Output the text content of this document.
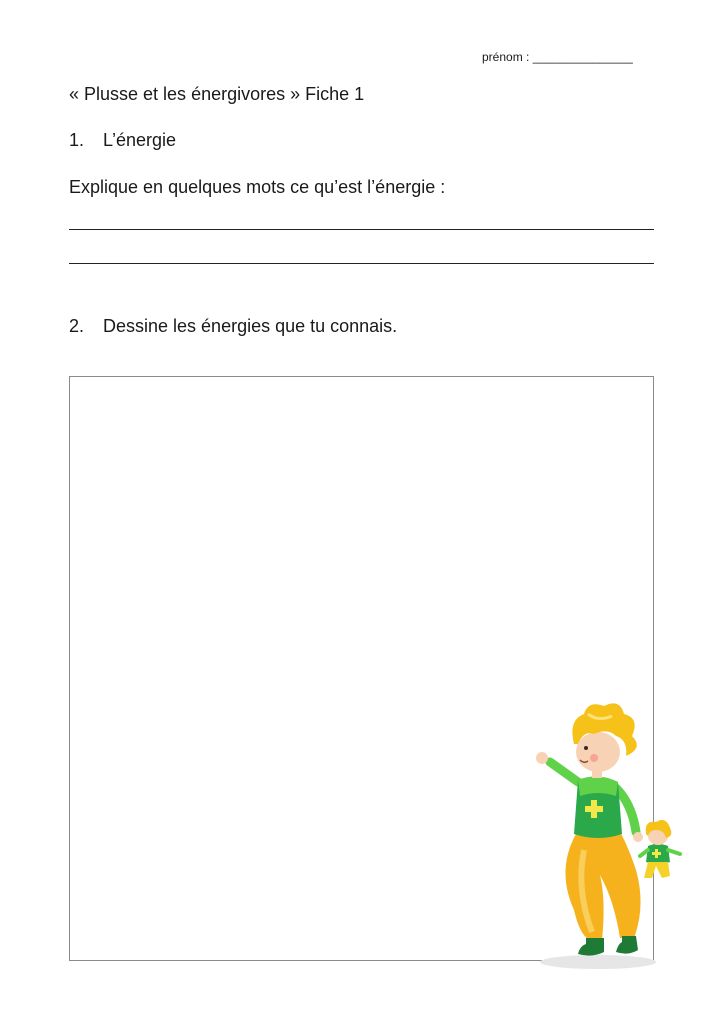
prénom : _______________
« Plusse et les énergivores » Fiche 1
1. L’énergie
Explique en quelques mots ce qu’est l’énergie :
2. Dessine les énergies que tu connais.
